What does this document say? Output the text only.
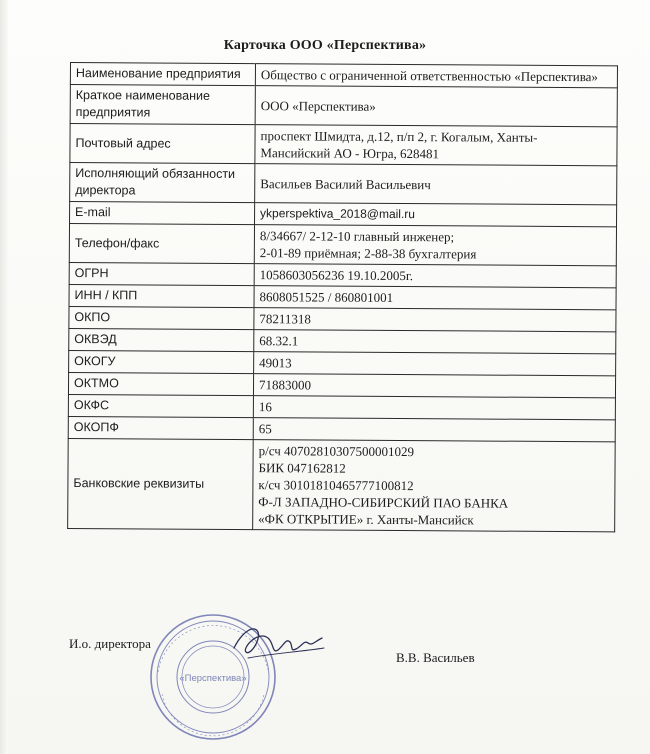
Карточка ООО «Перспектива»
Наименование предприятия	Общество с ограниченной ответственностью «Перспектива»

Краткое наименование предприятия	ООО «Перспектива»

Почтовый адрес	проспект Шмидта, д.12, п/п 2, г. Когалым, Ханты-
Мансийский АО - Югра, 628481

Исполняющий обязанности директора	Васильев Василий Васильевич

E-mail	ykperspektiva_2018@mail.ru

Телефон/факс	8/34667/ 2-12-10 главный инженер;
2-01-89 приёмная; 2-88-38 бухгалтерия

ОГРН	1058603056236 19.10.2005г.

ИНН / КПП	8608051525 / 860801001

ОКПО	78211318

ОКВЭД	68.32.1

ОКОГУ	49013

ОКТМО	71883000

ОКФС	16

ОКОПФ	65

Банковские реквизиты	р/сч 40702810307500001029
БИК 047162812
к/сч 30101810465777100812
Ф-Л ЗАПАДНО-СИБИРСКИЙ ПАО БАНКА
«ФК ОТКРЫТИЕ» г. Ханты-Мансийск
И.о. директора
«Перспектива»
В.В. Васильев
